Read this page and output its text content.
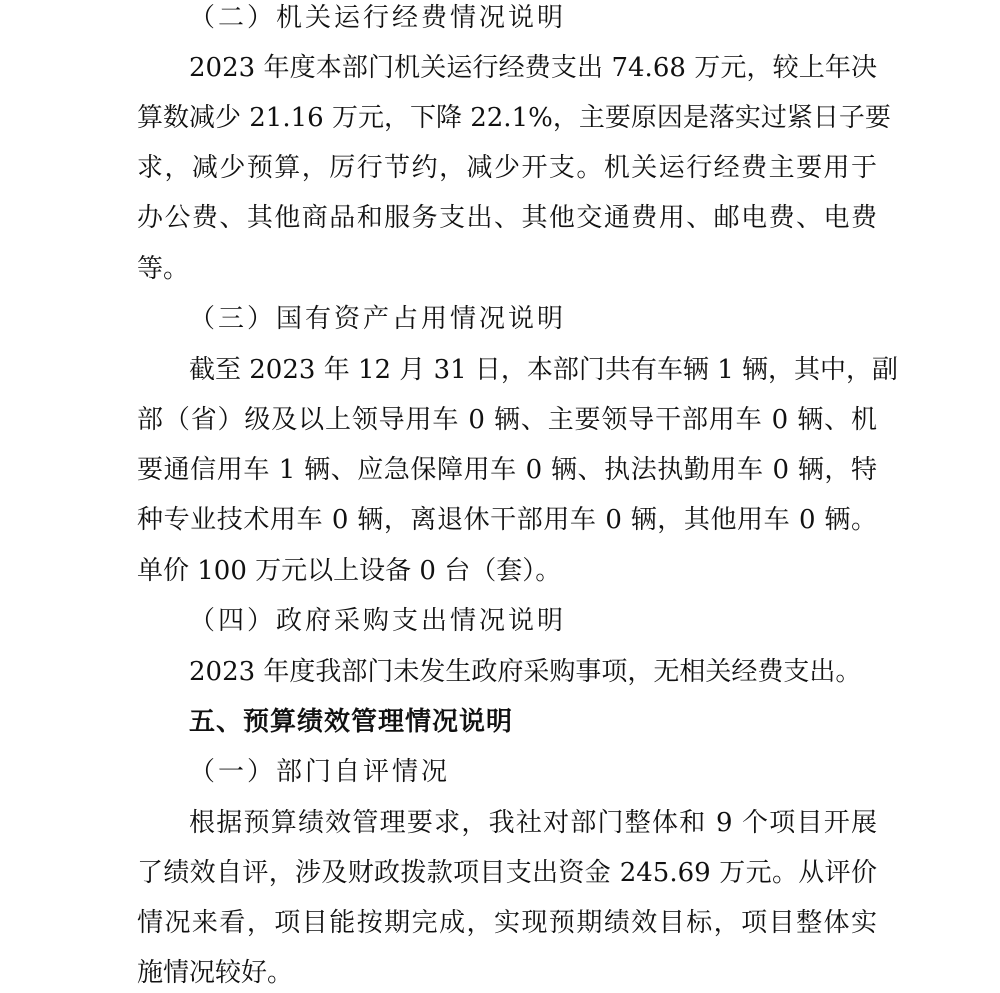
（二）机关运行经费情况说明
2023 年度本部门机关运行经费支出 74.68 万元，较上年决
算数减少 21.16 万元，下降 22.1%，主要原因是落实过紧日子要
求，减少预算，厉行节约，减少开支。机关运行经费主要用于
办公费、其他商品和服务支出、其他交通费用、邮电费、电费
等。
（三）国有资产占用情况说明
截至 2023 年 12 月 31 日，本部门共有车辆 1 辆，其中，副
部（省）级及以上领导用车 0 辆、主要领导干部用车 0 辆、机
要通信用车 1 辆、应急保障用车 0 辆、执法执勤用车 0 辆，特
种专业技术用车 0 辆，离退休干部用车 0 辆，其他用车 0 辆。
单价 100 万元以上设备 0 台（套）。
（四）政府采购支出情况说明
2023 年度我部门未发生政府采购事项，无相关经费支出。
五、预算绩效管理情况说明
（一）部门自评情况
根据预算绩效管理要求，我社对部门整体和 9 个项目开展
了绩效自评，涉及财政拨款项目支出资金 245.69 万元。从评价
情况来看，项目能按期完成，实现预期绩效目标，项目整体实
施情况较好。
